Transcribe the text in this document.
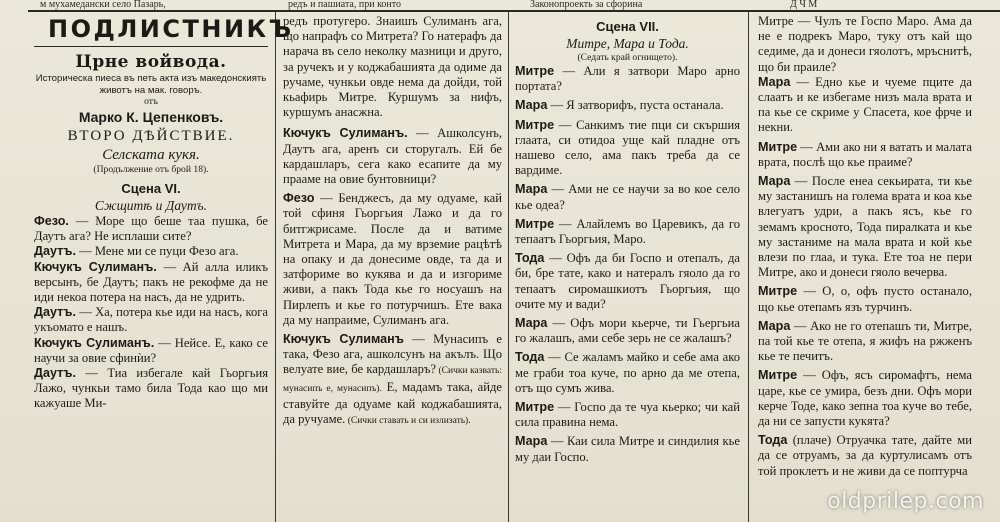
м мухамедански село Пазарь,	редъ и пашиата, при конто	Законопроекть за сфорина	Д Ч М
ПОДЛИСТНИКЪ
Црне войвода.
Историческа пиеса въ петь акта изъ македонскиять животъ на мак. говоръ.
отъ
Марко К. Цепенковъ.
ВТОРО ДѢЙСТВИЕ.
Селската кукя.
(Продължение отъ брой 18).
Сцена VI.
Сжщитѣ и Даутъ.

Фезо. — Море що беше таа пушка, бе Даутъ ага? Не исплаши сите?

Даутъ. — Мене ми се пуци Фезо ага.

Кючукъ Сулиманъ. — Ай алла иликъ версынъ, бе Даутъ; пакъ не рекофме да не иди некоа потера на насъ, да не удрить.

Даутъ. — Ха, потера кье иди на насъ, кога укъомато е нашъ.

Кючукъ Сулиманъ. — Нейсе. Е, како се научи за овие сфинѝи?

Даутъ. — Тиа избегале кай Гьоргьия Лажо, чункьи тамо била Тода као що ми кажуаше Ми-

редъ протугеро. Знаишъ Сулиманъ ага, що напрафъ со Митрета? Го натерафъ да нарача въ село неколку мазници и друго, за ручекъ и у коджабашията да одиме да ручаме, чункьи овде нема да дойди, той кьафирь Митре. Куршумъ за нифъ, куршумъ анасжна.

Кючукъ Сулиманъ. — Ашколсунъ, Даутъ ага, аренъ си сторугалъ. Ей бе кардашларъ, сега како есапите да му прааме на овие бунтовници?

Фезо — Бенджесъ, да му одуаме, кай той сфиня Гьоргьия Лажо и да го битгжрисаме. После да и ватиме Митрета и Мара, да му врземие рацѣтѣ на опаку и да донесиме овде, та да и затфориме во кукява и да и изгориме живи, а пакъ Тода кье го носуашъ на Пирлепъ и кье го потурчишъ. Ете вака да му напраиме, Сулиманъ ага.

Кючукъ Сулиманъ — Мунасипъ е така, Фезо ага, ашколсунъ на акълъ. Що велуате вие, бе кардашларъ? (Сички казвать: мунасипъ е, мунасипъ). Е, мадамъ така, айде ставуйте да одуаме кай коджабашията, да ручуаме. (Сички ставать и си излизать).

Сцена VII.
Митре, Мара и Тода.
(Седать край огнището).

Митре — Али я затвори Маро арно портата?

Мара — Я затворифъ, пуста останала.

Митре — Санкимъ тие пци си скършия глаата, си отидоа уще кай пладне отъ нашево село, ама пакъ треба да се вардиме.

Мара — Ами не се научи за во кое село кье одеа?

Митре — Алайлемъ во Царевикъ, да го тепаатъ Гьоргьия, Маро.

Тода — Офъ да би Госпо и отепалъ, да би, бре тате, како и натералъ гяоло да го тепаатъ сиромашкиотъ Гьоргьия, що очите му и вади?

Мара — Офъ мори кьерче, ти Гьергьиа го жалашъ, ами себе зерь не се жалашъ?

Тода — Се жаламъ майко и себе ама ако ме граби тоа куче, по арно да ме отепа, отъ що сумъ жива.

Митре — Госпо да те чуа кьерко; чи кай сила правина нема.

Мара — Каи сила Митре и синдилия кье му даи Госпо.

Митре — Чулъ те Госпо Маро. Ама да не е подрекъ Маро, туку отъ кай що седиме, да и донеси гяолотъ, мръснитѣ, що би праиле?

Мара — Едно кье и чуеме пците да слаатъ и ке избегаме низъ мала врата и па кье се скриме у Спасета, кое фрче и некни.

Митре — Ами ако ни я ватать и малата врата, послѣ що кье праиме?

Мара — После енеа секьирата, ти кье му застанишъ на голема врата и коа кье влегуатъ удри, а пакъ ясъ, кье го земамъ кросното, Тода пиралката и кье му застаниме на мала врата и кой кье влези по глаа, и тука. Ете тоа не пери Митре, ако и донеси гяоло вечерва.

Митре — О, о, офъ пусто останало, що кье отепамъ язъ турчинъ.

Мара — Ако не го отепашъ ти, Митре, па той кье те отепа, я жифъ на ржженъ кье те печитъ.

Митре — Офъ, ясъ сиромафтъ, нема царе, кье се умира, безъ дни. Офъ мори керче Тоде, како зепна тоа куче во тебе, да ни се запусти кукята?

Тода (плаче) Отруачка тате, дайте ми да се отруамъ, за да куртулисамъ отъ той проклетъ и не живи да се поптурча

oldprilep.com
